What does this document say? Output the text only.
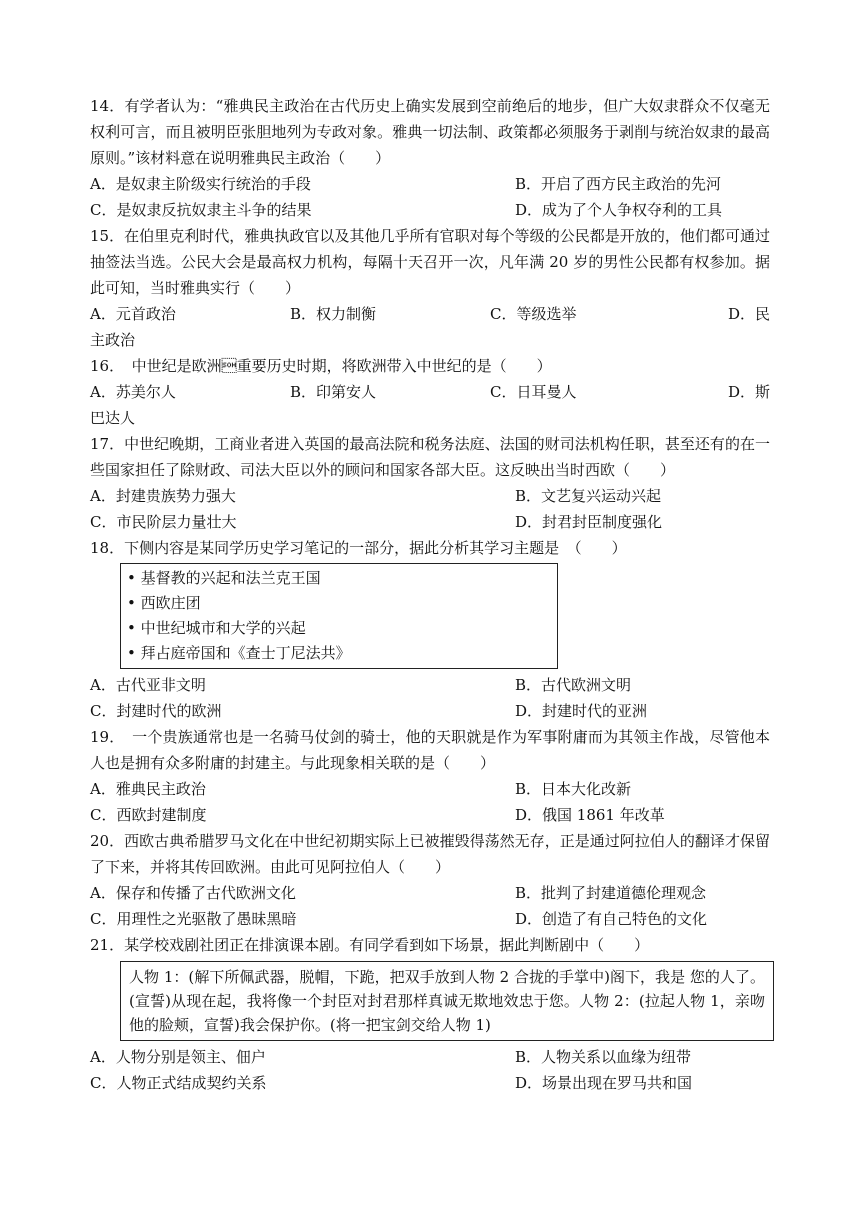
14．有学者认为：“雅典民主政治在古代历史上确实发展到空前绝后的地步，但广大奴隶群众不仅毫无权利可言，而且被明臣张胆地列为专政对象。雅典一切法制、政策都必须服务于剥削与统治奴隶的最高原则。”该材料意在说明雅典民主政治（　　）

A．是奴隶主阶级实行统治的手段	B．开启了西方民主政治的先河
C．是奴隶反抗奴隶主斗争的结果	D．成为了个人争权夺利的工具

15．在伯里克利时代，雅典执政官以及其他几乎所有官职对每个等级的公民都是开放的，他们都可通过抽签法当选。公民大会是最高权力机构，每隔十天召开一次，凡年满 20 岁的男性公民都有权参加。据此可知，当时雅典实行（　　）

A．元首政治	B．权力制衡	C．等级选举	D．民

主政治

16．　中世纪是欧洲重要历史时期，将欧洲带入中世纪的是（　　）

A．苏美尔人	B．印第安人	C．日耳曼人	D．斯

巴达人

17．中世纪晚期，工商业者进入英国的最高法院和税务法庭、法国的财司法机构任职，甚至还有的在一些国家担任了除财政、司法大臣以外的顾问和国家各部大臣。这反映出当时西欧（　　）

A．封建贵族势力强大	B．文艺复兴运动兴起
C．市民阶层力量壮大	D．封君封臣制度强化

18．下侧内容是某同学历史学习笔记的一部分，据此分析其学习主题是　（　　）

• 基督教的兴起和法兰克王国
• 西欧庄团
• 中世纪城市和大学的兴起
• 拜占庭帝国和《查士丁尼法共》
A．古代亚非文明	B．古代欧洲文明
C．封建时代的欧洲	D．封建时代的亚洲

19．　一个贵族通常也是一名骑马仗剑的骑士，他的天职就是作为军事附庸而为其领主作战，尽管他本人也是拥有众多附庸的封建主。与此现象相关联的是（　　）

A．雅典民主政治	B．日本大化改新
C．西欧封建制度	D．俄国 1861 年改革

20．西欧古典希腊罗马文化在中世纪初期实际上已被摧毁得荡然无存，正是通过阿拉伯人的翻译才保留了下来，并将其传回欧洲。由此可见阿拉伯人（　　）

A．保存和传播了古代欧洲文化	B．批判了封建道德伦理观念
C．用理性之光驱散了愚昧黑暗	D．创造了有自己特色的文化

21．某学校戏剧社团正在排演课本剧。有同学看到如下场景，据此判断剧中（　　）

人物 1：(解下所佩武器，脱帽，下跪，把双手放到人物 2 合拢的手掌中)阁下，我是 您的人了。(宣誓)从现在起，我将像一个封臣对封君那样真诚无欺地效忠于您。人物 2：(拉起人物 1，亲吻他的脸颊，宣誓)我会保护你。(将一把宝剑交给人物 1)
A．人物分别是领主、佃户	B．人物关系以血缘为纽带
C．人物正式结成契约关系	D．场景出现在罗马共和国
